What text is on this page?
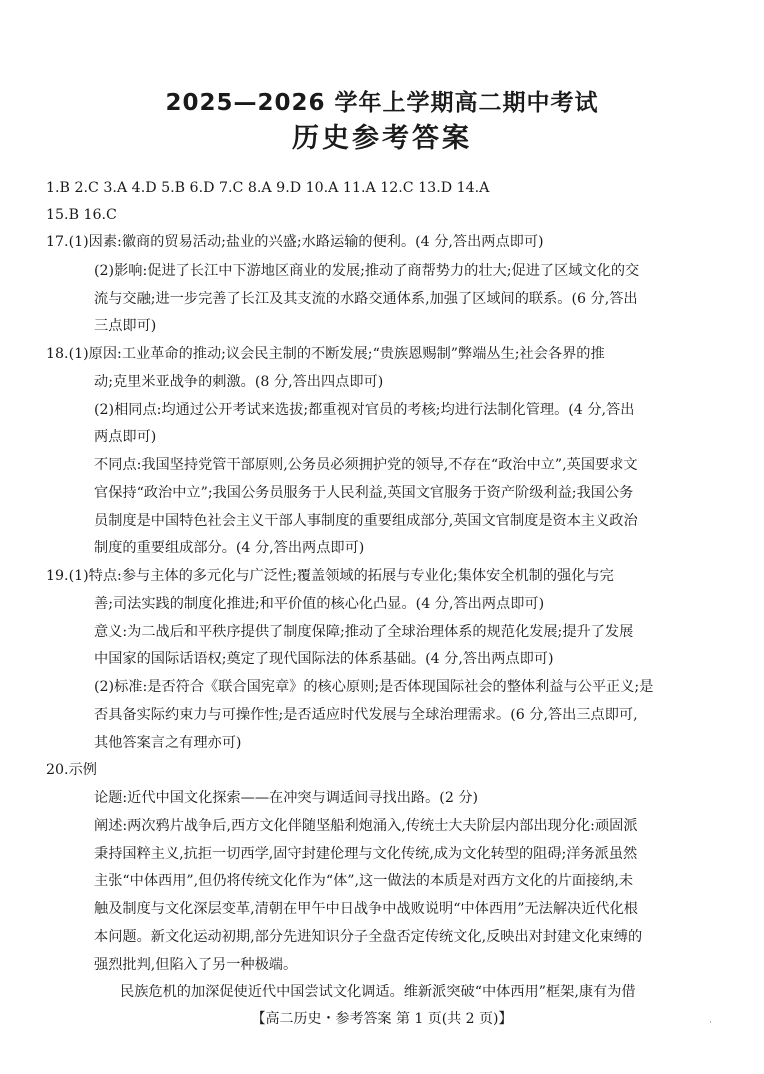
2025—2026 学年上学期高二期中考试
历史参考答案
1.B 2.C 3.A 4.D 5.B 6.D 7.C 8.A 9.D 10.A 11.A 12.C 13.D 14.A
15.B 16.C
17.(1)因素:徽商的贸易活动;盐业的兴盛;水路运输的便利。(4 分,答出两点即可)
(2)影响:促进了长江中下游地区商业的发展;推动了商帮势力的壮大;促进了区域文化的交
流与交融;进一步完善了长江及其支流的水路交通体系,加强了区域间的联系。(6 分,答出
三点即可)
18.(1)原因:工业革命的推动;议会民主制的不断发展;“贵族恩赐制”弊端丛生;社会各界的推
动;克里米亚战争的刺激。(8 分,答出四点即可)
(2)相同点:均通过公开考试来选拔;都重视对官员的考核;均进行法制化管理。(4 分,答出
两点即可)
不同点:我国坚持党管干部原则,公务员必须拥护党的领导,不存在“政治中立”,英国要求文
官保持“政治中立”;我国公务员服务于人民利益,英国文官服务于资产阶级利益;我国公务
员制度是中国特色社会主义干部人事制度的重要组成部分,英国文官制度是资本主义政治
制度的重要组成部分。(4 分,答出两点即可)
19.(1)特点:参与主体的多元化与广泛性;覆盖领域的拓展与专业化;集体安全机制的强化与完
善;司法实践的制度化推进;和平价值的核心化凸显。(4 分,答出两点即可)
意义:为二战后和平秩序提供了制度保障;推动了全球治理体系的规范化发展;提升了发展
中国家的国际话语权;奠定了现代国际法的体系基础。(4 分,答出两点即可)
(2)标准:是否符合《联合国宪章》的核心原则;是否体现国际社会的整体利益与公平正义;是
否具备实际约束力与可操作性;是否适应时代发展与全球治理需求。(6 分,答出三点即可,
其他答案言之有理亦可)
20.示例
论题:近代中国文化探索——在冲突与调适间寻找出路。(2 分)
阐述:两次鸦片战争后,西方文化伴随坚船利炮涌入,传统士大夫阶层内部出现分化:顽固派
秉持国粹主义,抗拒一切西学,固守封建伦理与文化传统,成为文化转型的阻碍;洋务派虽然
主张“中体西用”,但仍将传统文化作为“体”,这一做法的本质是对西方文化的片面接纳,未
触及制度与文化深层变革,清朝在甲午中日战争中战败说明“中体西用”无法解决近代化根
本问题。新文化运动初期,部分先进知识分子全盘否定传统文化,反映出对封建文化束缚的
强烈批判,但陷入了另一种极端。
民族危机的加深促使近代中国尝试文化调适。维新派突破“中体西用”框架,康有为借
【高二历史・参考答案 第 1 页(共 2 页)】	·
